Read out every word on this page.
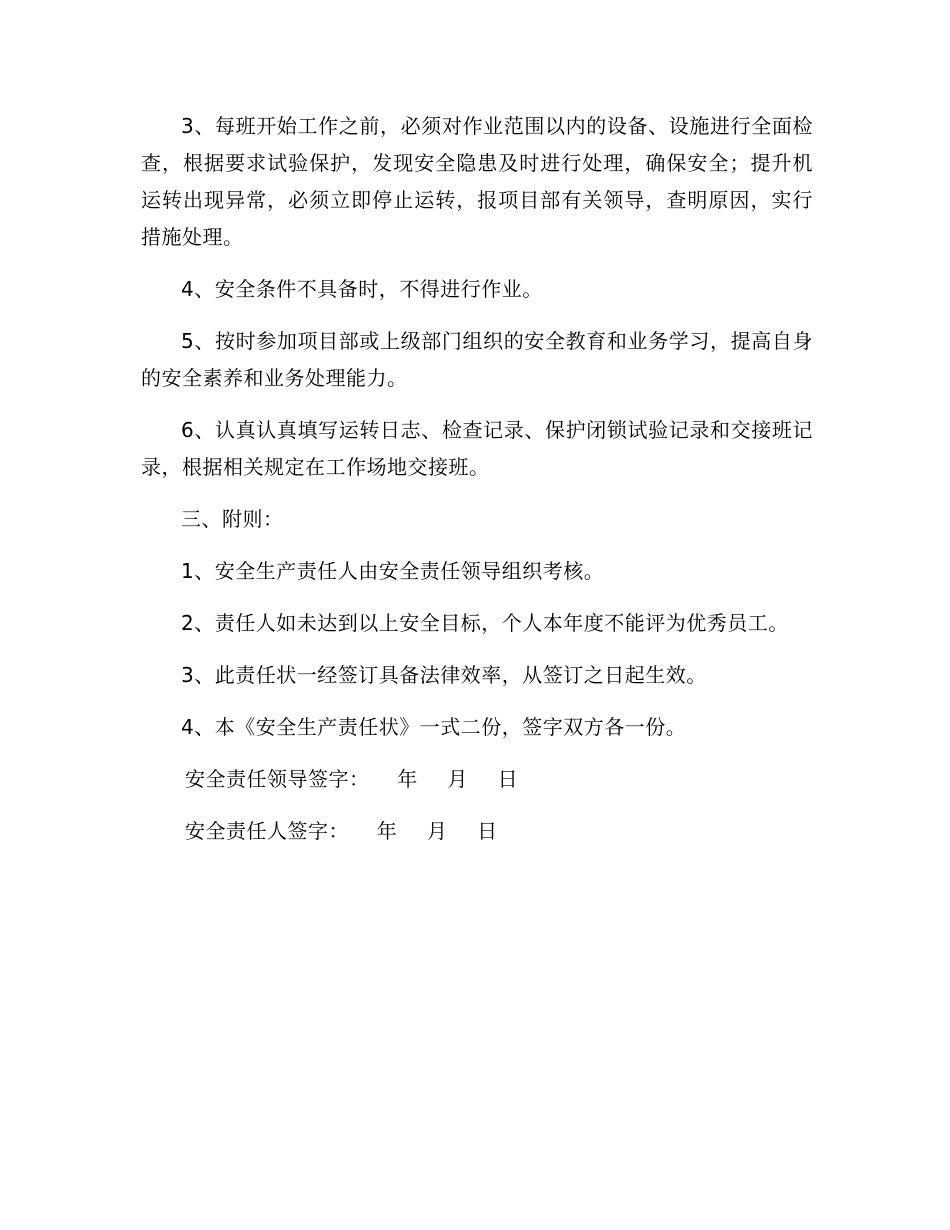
3、每班开始工作之前，必须对作业范围以内的设备、设施进行全面检查，根据要求试验保护，发现安全隐患及时进行处理，确保安全；提升机运转出现异常，必须立即停止运转，报项目部有关领导，查明原因，实行措施处理。

4、安全条件不具备时，不得进行作业。

5、按时参加项目部或上级部门组织的安全教育和业务学习，提高自身的安全素养和业务处理能力。

6、认真认真填写运转日志、检查记录、保护闭锁试验记录和交接班记录，根据相关规定在工作场地交接班。

三、附则：

1、安全生产责任人由安全责任领导组织考核。

2、责任人如未达到以上安全目标，个人本年度不能评为优秀员工。

3、此责任状一经签订具备法律效率，从签订之日起生效。

4、本《安全生产责任状》一式二份，签字双方各一份。

安全责任领导签字： 年 月 日
安全责任人签字： 年 月 日
